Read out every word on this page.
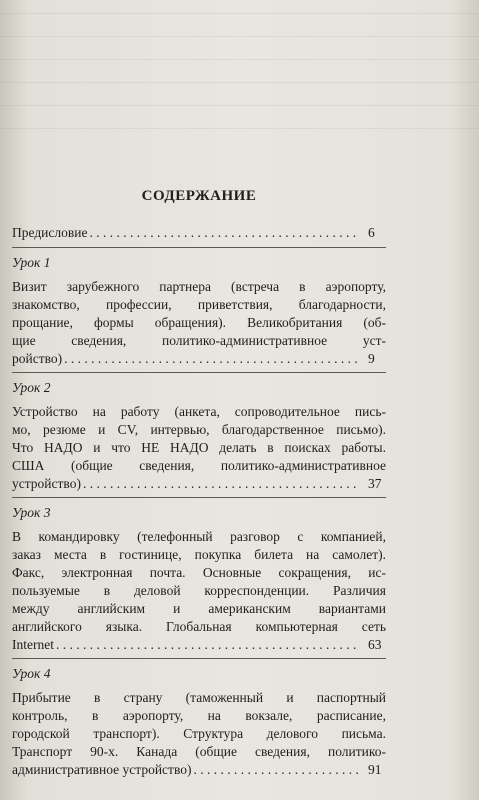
СОДЕРЖАНИЕ
Предисловие . . .	6
Урок 1
Визит зарубежного партнера (встреча в аэропорту,
знакомство, профессии, приветствия, благодарности,
прощание, формы обращения). Великобритания (об-
щие сведения, политико-административное уст-
ройство) . . .	9
Урок 2
Устройство на работу (анкета, сопроводительное пись-
мо, резюме и CV, интервью, благодарственное письмо).
Что НАДО и что НЕ НАДО делать в поисках работы.
США (общие сведения, политико-административное
устройство) . . .	37
Урок 3
В командировку (телефонный разговор с компанией,
заказ места в гостинице, покупка билета на самолет).
Факс, электронная почта. Основные сокращения, ис-
пользуемые в деловой корреспонденции. Различия
между английским и американским вариантами
английского языка. Глобальная компьютерная сеть
Internet . . .	63
Урок 4
Прибытие в страну (таможенный и паспортный
контроль, в аэропорту, на вокзале, расписание,
городской транспорт). Структура делового письма.
Транспорт 90-х. Канада (общие сведения, политико-
административное устройство) . . .	91
